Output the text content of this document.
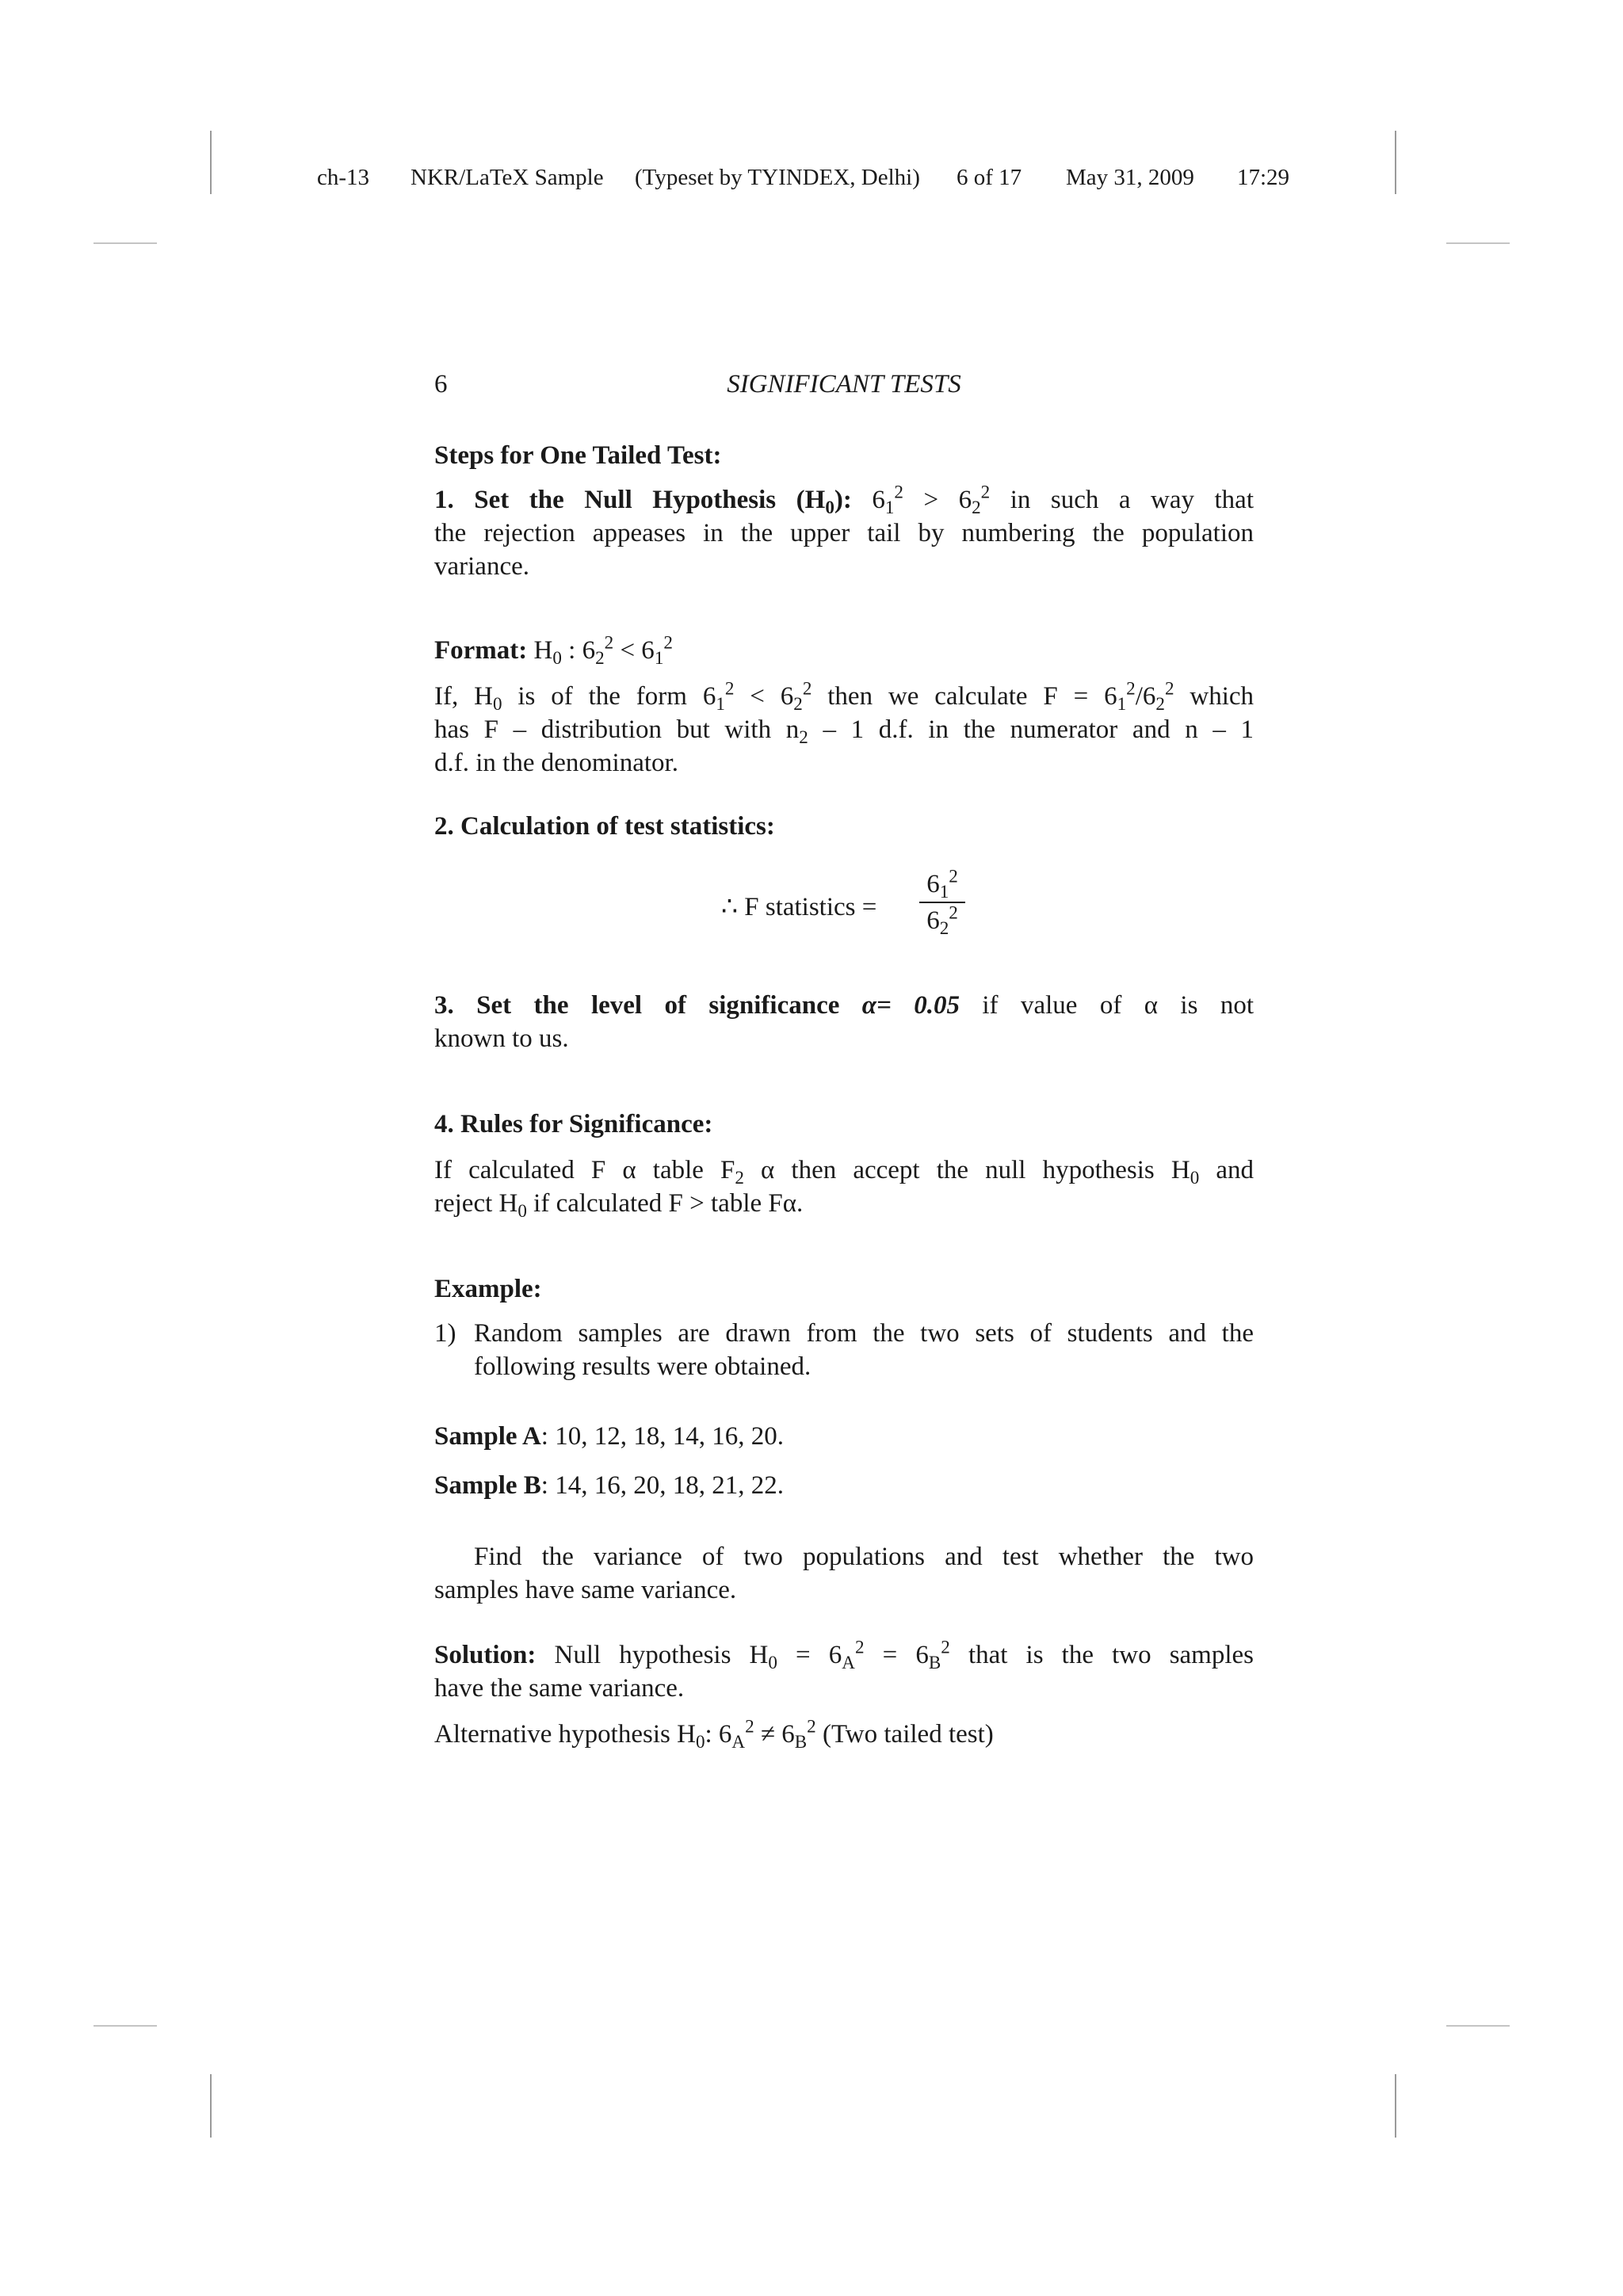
ch-13 NKR/LaTeX Sample (Typeset by TYINDEX, Delhi) 6 of 17 May 31, 2009 17:29
6	SIGNIFICANT TESTS
Steps for One Tailed Test:
1. Set the Null Hypothesis $(H_0)$: $6_1^2 > 6_2^2$ in such a way that
the rejection appeases in the upper tail by numbering the population
variance.
Format: $H_0$ : $6_2^2 < 6_1^2$
If, $H_0$ is of the form $6_1^2 < 6_2^2$ then we calculate $F = 6_1^2/6_2^2$ which
has F – distribution but with $n_2 - 1$ d.f. in the numerator and n – 1
d.f. in the denominator.
2. Calculation of test statistics:
∴ F statistics =
$6_1^2$
$6_2^2$
3. Set the level of significance α= 0.05 if value of α is not
known to us.
4. Rules for Significance:
If calculated F α table $F_2$ α then accept the null hypothesis $H_0$ and
reject $H_0$ if calculated F > table Fα.
Example:
1) Random samples are drawn from the two sets of students and the
following results were obtained.
Sample A: 10, 12, 18, 14, 16, 20.
Sample B: 14, 16, 20, 18, 21, 22.
Find the variance of two populations and test whether the two
samples have same variance.
Solution: Null hypothesis $H_0 = 6_A^2 = 6_B^2$ that is the two samples
have the same variance.
Alternative hypothesis $H_0$: $6_A^2 \ne 6_B^2$ (Two tailed test)
